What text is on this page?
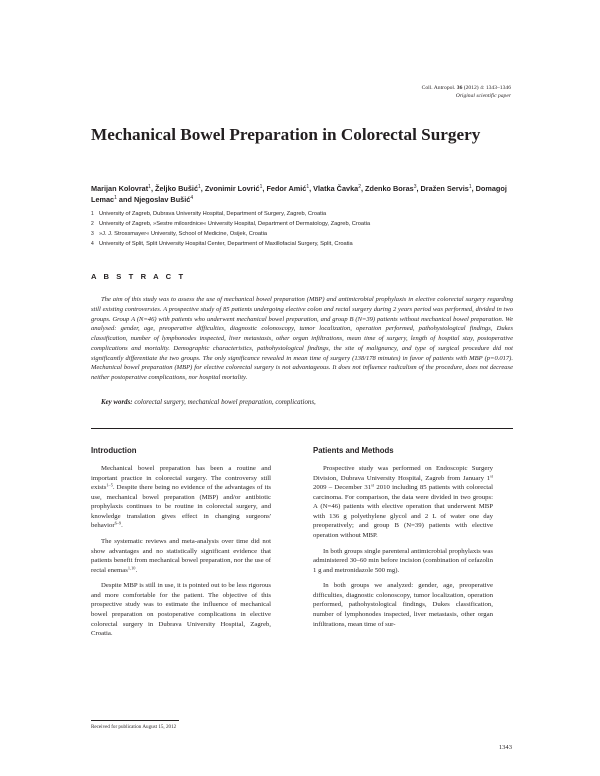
Coll. Antropol. 36 (2012) 4: 1343–1346
Original scientific paper
Mechanical Bowel Preparation in Colorectal Surgery
Marijan Kolovrat$^1$, Željko Bušić$^1$, Zvonimir Lovrić$^1$, Fedor Amić$^1$, Vlatka Čavka$^2$, Zdenko Boras$^3$, Dražen Servis$^1$, Domagoj Lemac$^1$ and Njegoslav Bušić$^4$
1 University of Zagreb, Dubrava University Hospital, Department of Surgery, Zagreb, Croatia
2 University of Zagreb, »Sestre milosrdnice« University Hospital, Department of Dermatology, Zagreb, Croatia
3 »J. J. Strossmayer« University, School of Medicine, Osijek, Croatia
4 University of Split, Split University Hospital Center, Department of Maxillofacial Surgery, Split, Croatia
A B S T R A C T
The aim of this study was to assess the use of mechanical bowel preparation (MBP) and antimicrobial prophylaxis in elective colorectal surgery regarding still existing controversies. A prospective study of 85 patients undergoing elective colon and rectal surgery during 2 years period was performed, divided in two groups. Group A (N=46) with patients who underwent mechanical bowel preparation, and group B (N=39) patients without mechanical bowel preparation. We analysed: gender, age, preoperative difficulties, diagnostic colonoscopy, tumor localization, operation performed, pathohystological findings, Dukes classification, number of lymphonodes inspected, liver metastasis, other organ infiltrations, mean time of surgery, length of hospital stay, postoperative complications and mortality. Demographic characteristics, pathohystological findings, the site of malignancy, and type of surgical procedure did not significantly differentiate the two groups. The only significance revealed in mean time of surgery (138/178 minutes) in favor of patients with MBP (p=0.017). Mechanical bowel preparation (MBP) for elective colorectal surgery is not advantageous. It does not influence radicalism of the procedure, does not decrease neither postoperative complications, nor hospital mortality.
Key words: colorectal surgery, mechanical bowel preparation, complications,
Introduction

Mechanical bowel preparation has been a routine and important practice in colorectal surgery. The controversy still exists$^{1-5}$. Despite there being no evidence of the advantages of its use, mechanical bowel preparation (MBP) and/or antibiotic prophylaxis continues to be routine in colorectal surgery, and knowledge translation gives effect in changing surgeons' behavior$^{6-9}$.

The systematic reviews and meta-analysis over time did not show advantages and no statistically significant evidence that patients benefit from mechanical bowel preparation, nor the use of rectal enemas$^{1,10}$.

Despite MBP is still in use, it is pointed out to be less rigorous and more comfortable for the patient. The objective of this prospective study was to estimate the influence of mechanical bowel preparation on postoperative complications in elective colorectal surgery in Dubrava University Hospital, Zagreb, Croatia.

Patients and Methods

Prospective study was performed on Endoscopic Surgery Division, Dubrava University Hospital, Zagreb from January 1st 2009 – December 31st 2010 including 85 patients with colorectal carcinoma. For comparison, the data were divided in two groups: A (N=46) patients with elective operation that underwent MBP with 136 g polyethylene glycol and 2 L of water one day preoperatively; and group B (N=39) patients with elective operation without MBP.

In both groups single parenteral antimicrobial prophylaxis was administered 30–60 min before incision (combination of cefazolin 1 g and metronidazole 500 mg).

In both groups we analyzed: gender, age, preoperative difficulties, diagnostic colonoscopy, tumor localization, operation performed, pathohystological findings, Dukes classification, number of lymphonodes inspected, liver metastasis, other organ infiltrations, mean time of sur-

Received for publication August 15, 2012
1343
